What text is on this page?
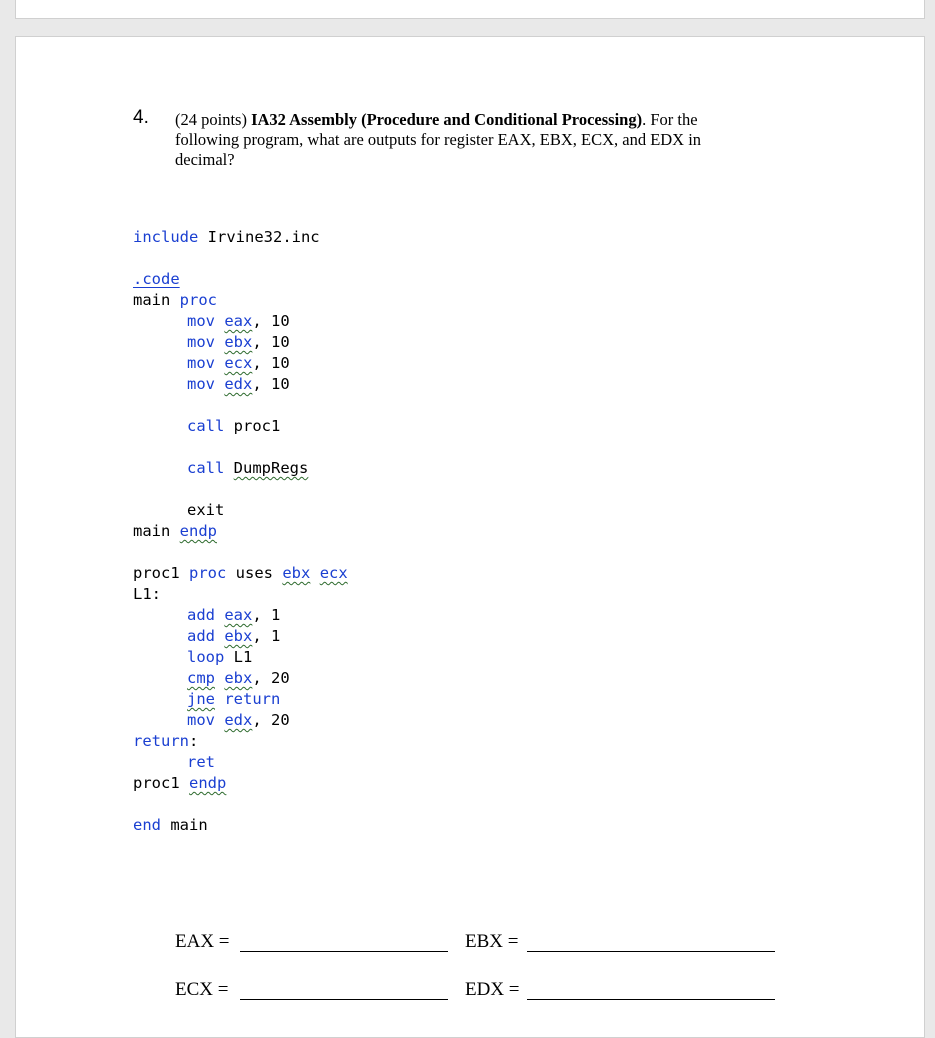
4. (24 points) IA32 Assembly (Procedure and Conditional Processing). For the following program, what are outputs for register EAX, EBX, ECX, and EDX in decimal?
include Irvine32.inc
.code
main proc
mov eax, 10
mov ebx, 10
mov ecx, 10
mov edx, 10
call proc1
call DumpRegs
exit
main endp
proc1 proc uses ebx ecx
L1:
add eax, 1
add ebx, 1
loop L1
cmp ebx, 20
jne return
mov edx, 20
return:
ret
proc1 endp
end main
EAX =	EBX =
ECX =	EDX =
